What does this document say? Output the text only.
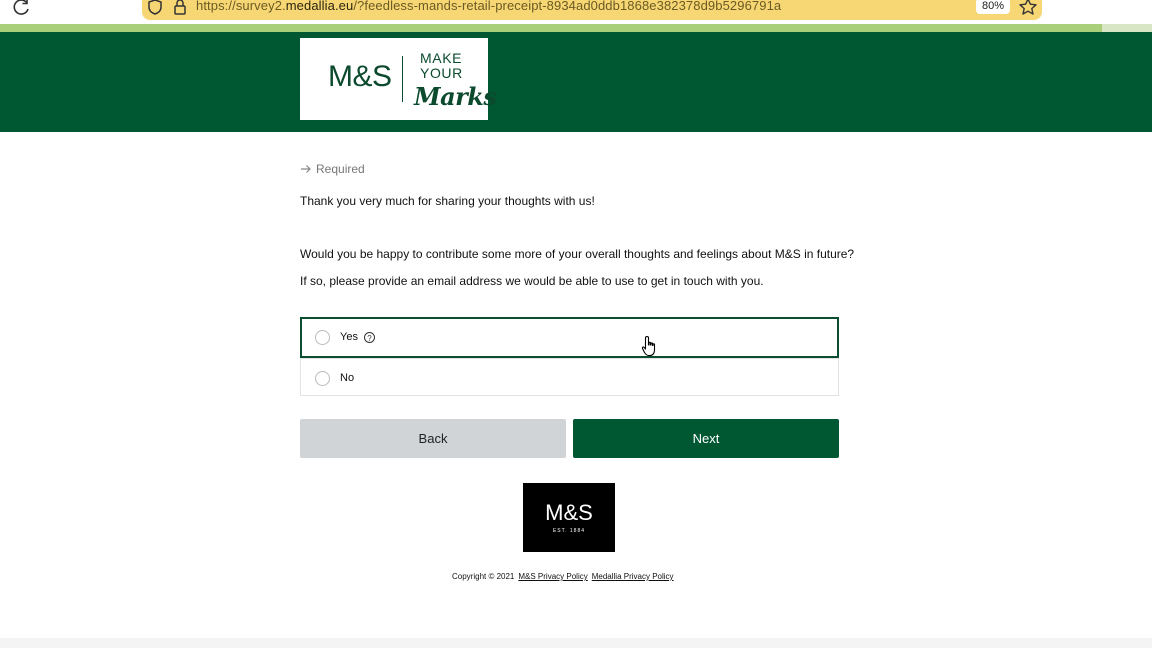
https://survey2.medallia.eu/?feedless-mands-retail-preceipt-8934ad0ddb1868e382378d9b5296791a	80%
M&S
MAKE
YOUR
Marks
Required
Thank you very much for sharing your thoughts with us!
Would you be happy to contribute some more of your overall thoughts and feelings about M&S in future?
If so, please provide an email address we would be able to use to get in touch with you.
Yes	?
No
Back	Next
M&S
EST. 1884
Copyright © 2021 M&S Privacy Policy Medallia Privacy Policy
